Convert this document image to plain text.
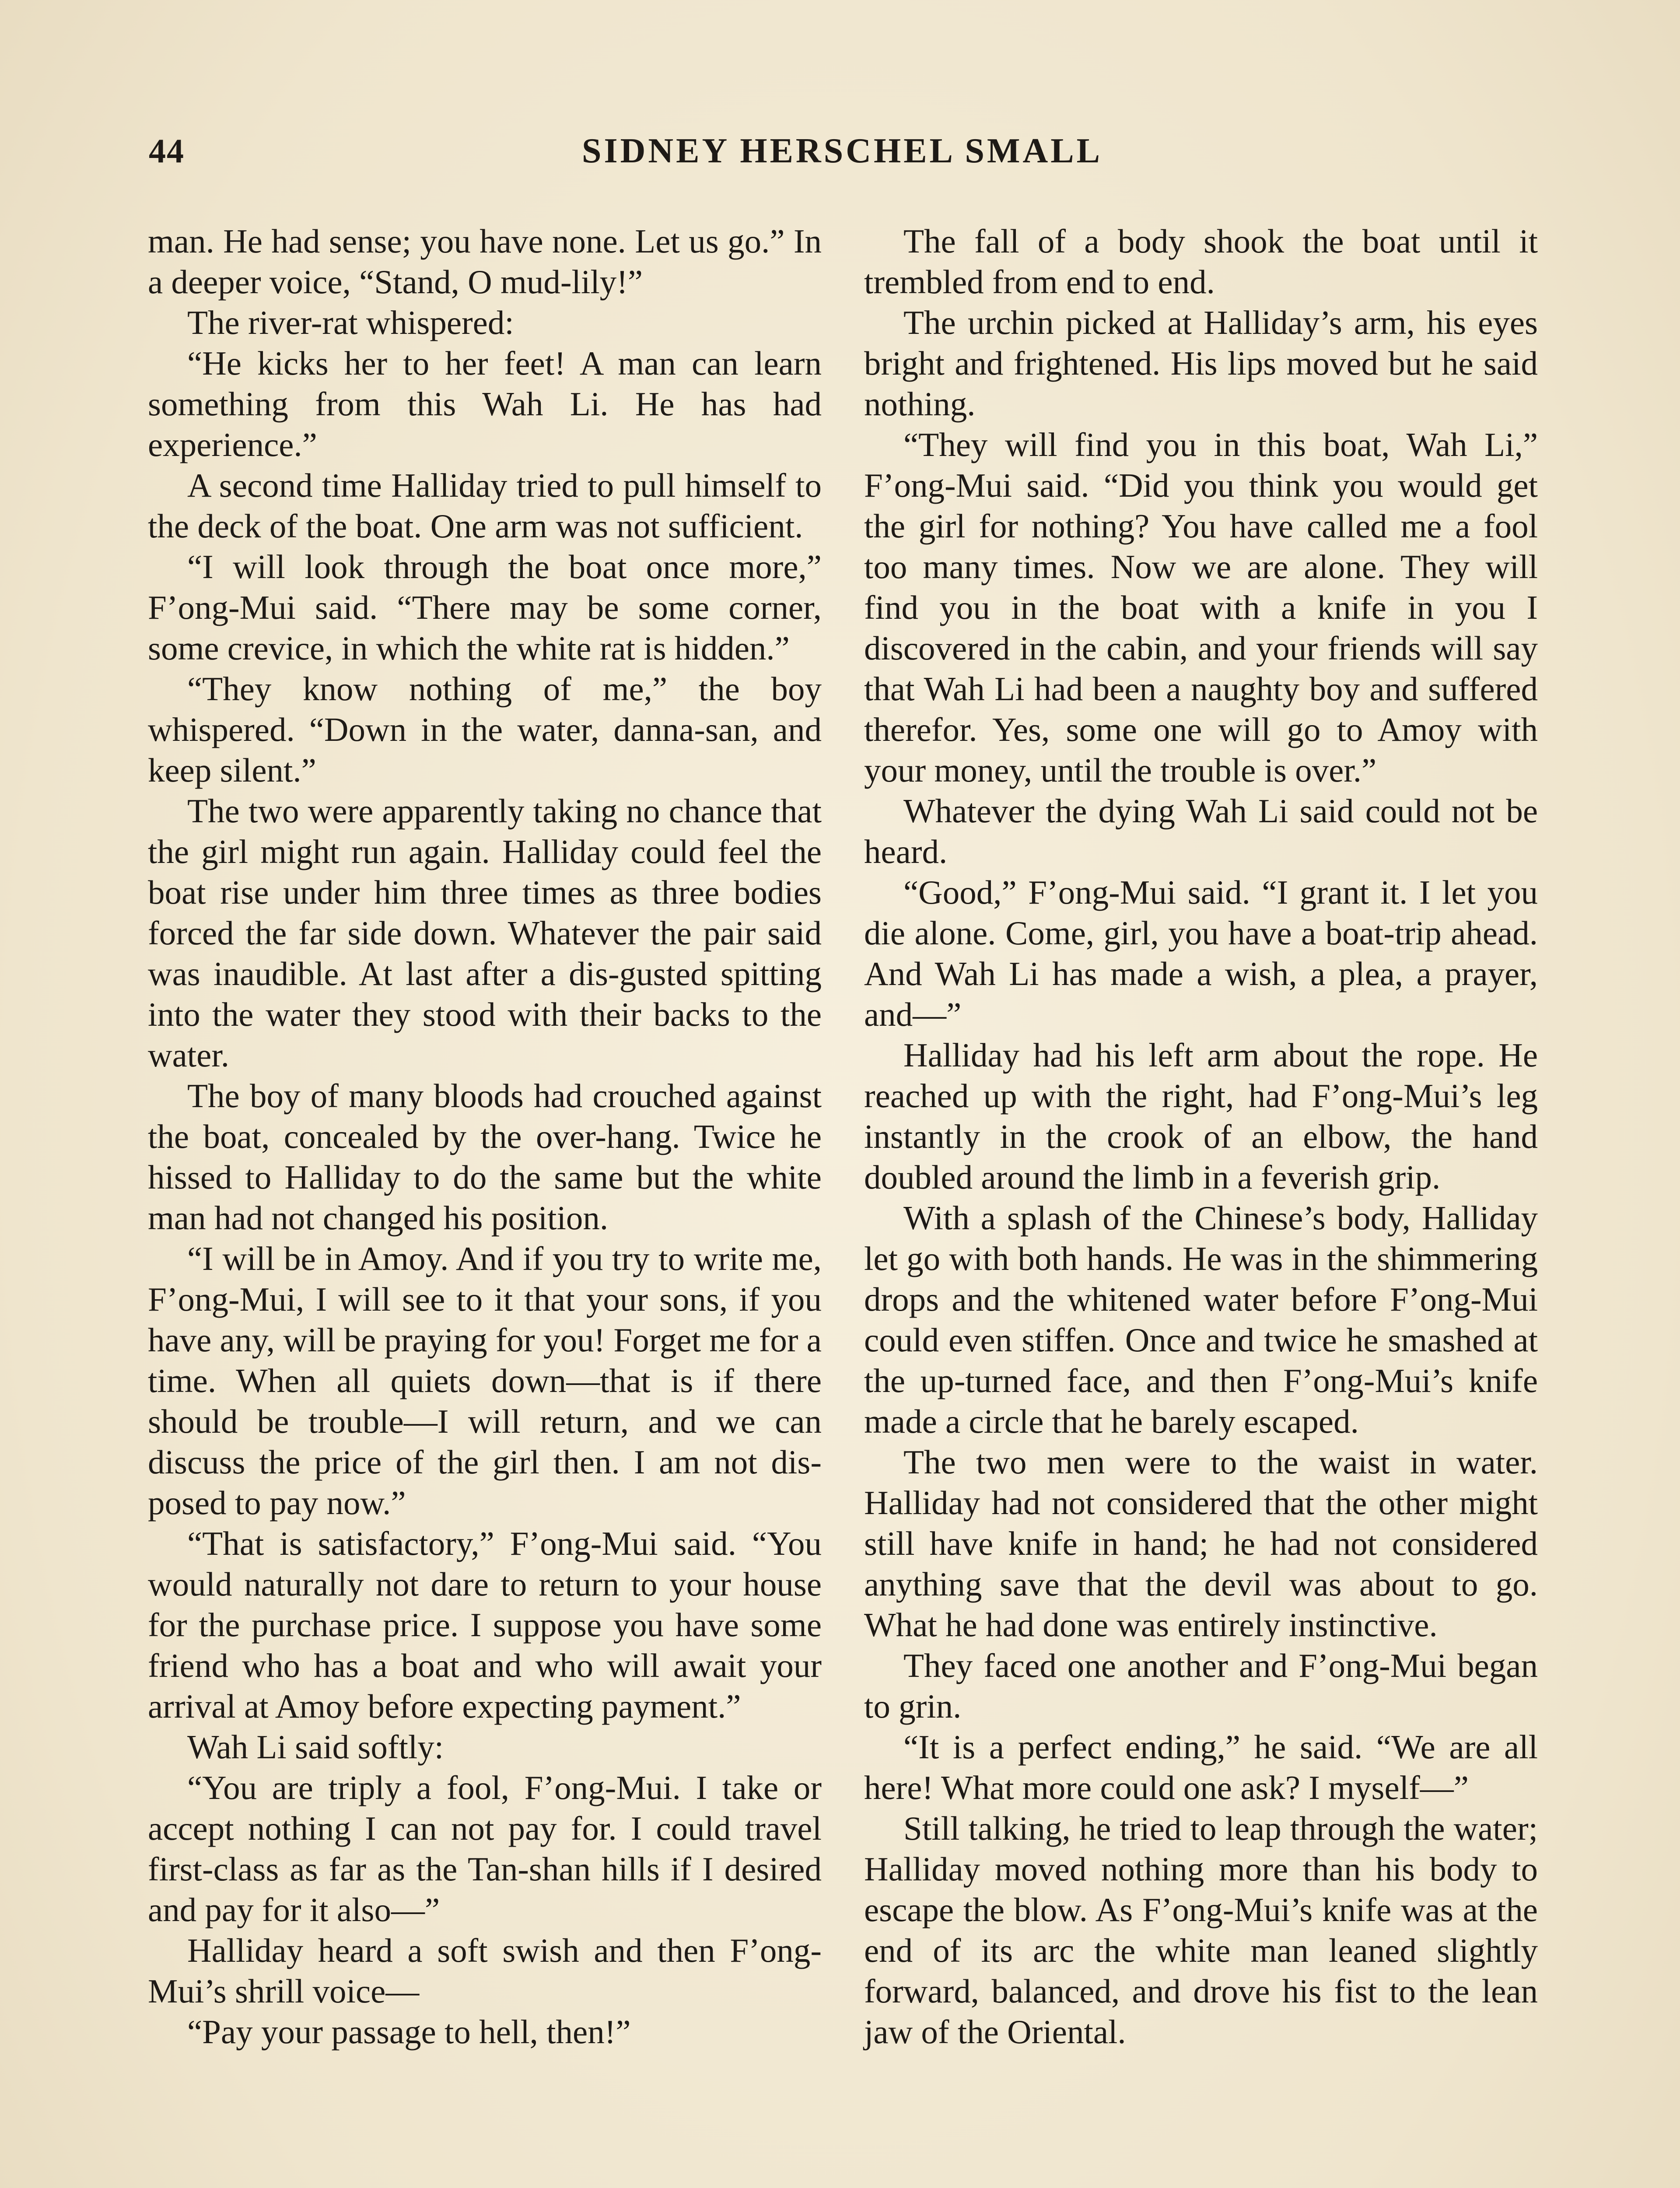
44	SIDNEY HERSCHEL SMALL

man. He had sense; you have none. Let us go.” In a deeper voice, “Stand, O mud-lily!”

The river-rat whispered:

“He kicks her to her feet! A man can learn something from this Wah Li. He has had experience.”

A second time Halliday tried to pull himself to the deck of the boat. One arm was not sufficient.

“I will look through the boat once more,” F’ong-Mui said. “There may be some corner, some crevice, in which the white rat is hidden.”

“They know nothing of me,” the boy whispered. “Down in the water, danna-san, and keep silent.”

The two were apparently taking no chance that the girl might run again. Halliday could feel the boat rise under him three times as three bodies forced the far side down. Whatever the pair said was inaudible. At last after a dis-gusted spitting into the water they stood with their backs to the water.

The boy of many bloods had crouched against the boat, concealed by the over-hang. Twice he hissed to Halliday to do the same but the white man had not changed his position.

“I will be in Amoy. And if you try to write me, F’ong-Mui, I will see to it that your sons, if you have any, will be praying for you! Forget me for a time. When all quiets down—that is if there should be trouble—I will return, and we can discuss the price of the girl then. I am not dis-posed to pay now.”

“That is satisfactory,” F’ong-Mui said. “You would naturally not dare to return to your house for the purchase price. I suppose you have some friend who has a boat and who will await your arrival at Amoy before expecting payment.”

Wah Li said softly:

“You are triply a fool, F’ong-Mui. I take or accept nothing I can not pay for. I could travel first-class as far as the Tan-shan hills if I desired and pay for it also—”

Halliday heard a soft swish and then F’ong-Mui’s shrill voice—

“Pay your passage to hell, then!”

The fall of a body shook the boat until it trembled from end to end.

The urchin picked at Halliday’s arm, his eyes bright and frightened. His lips moved but he said nothing.

“They will find you in this boat, Wah Li,” F’ong-Mui said. “Did you think you would get the girl for nothing? You have called me a fool too many times. Now we are alone. They will find you in the boat with a knife in you I discovered in the cabin, and your friends will say that Wah Li had been a naughty boy and suffered therefor. Yes, some one will go to Amoy with your money, until the trouble is over.”

Whatever the dying Wah Li said could not be heard.

“Good,” F’ong-Mui said. “I grant it. I let you die alone. Come, girl, you have a boat-trip ahead. And Wah Li has made a wish, a plea, a prayer, and—”

Halliday had his left arm about the rope. He reached up with the right, had F’ong-Mui’s leg instantly in the crook of an elbow, the hand doubled around the limb in a feverish grip.

With a splash of the Chinese’s body, Halliday let go with both hands. He was in the shimmering drops and the whitened water before F’ong-Mui could even stiffen. Once and twice he smashed at the up-turned face, and then F’ong-Mui’s knife made a circle that he barely escaped.

The two men were to the waist in water. Halliday had not considered that the other might still have knife in hand; he had not considered anything save that the devil was about to go. What he had done was entirely instinctive.

They faced one another and F’ong-Mui began to grin.

“It is a perfect ending,” he said. “We are all here! What more could one ask? I myself—”

Still talking, he tried to leap through the water; Halliday moved nothing more than his body to escape the blow. As F’ong-Mui’s knife was at the end of its arc the white man leaned slightly forward, balanced, and drove his fist to the lean jaw of the Oriental.
